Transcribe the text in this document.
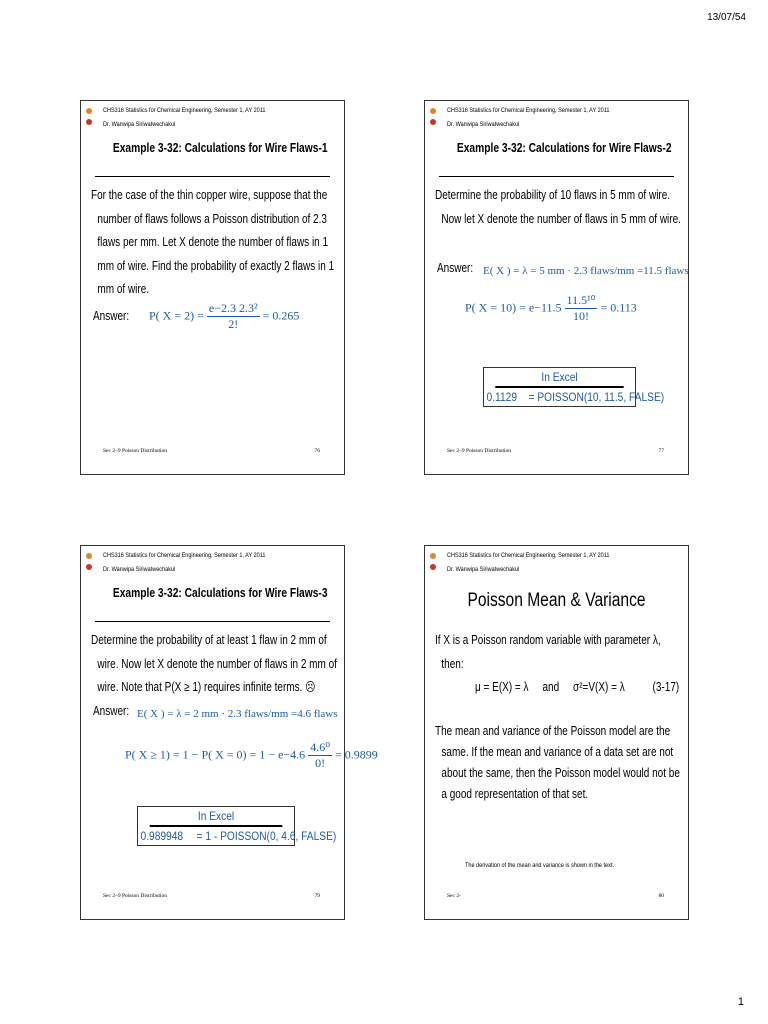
13/07/54
CHS316 Statistics for Chemical Engineering, Semester 1, AY 2011
Dr. Wanwipa Siriwatwechakul
Example 3-32: Calculations for Wire Flaws-1

For the case of the thin copper wire, suppose that the number of flaws follows a Poisson distribution of 2.3 flaws per mm. Let X denote the number of flaws in 1 mm of wire. Find the probability of exactly 2 flaws in 1 mm of wire.

Answer: P( $X = 2) = \frac{\text{e−2.3 2.3²}}{2!} = 0.265$
Sec 2–9 Poisson Distribution	76
CHS316 Statistics for Chemical Engineering, Semester 1, AY 2011
Dr. Wanwipa Siriwatwechakul
Example 3-32: Calculations for Wire Flaws-2

Determine the probability of 10 flaws in 5 mm of wire. Now let X denote the number of flaws in 5 mm of wire.

Answer: E( X ) = λ = 5 mm · 2.3 flaws/mm =11.5 flaws
P( $X = 10) = e-11.5 \frac{\text{11.5¹⁰}}{10!} = 0.113$
In Excel
0.1129 = POISSON(10, 11.5, FALSE)
Sec 2–9 Poisson Distribution	77
CHS316 Statistics for Chemical Engineering, Semester 1, AY 2011
Dr. Wanwipa Siriwatwechakul
Example 3-32: Calculations for Wire Flaws-3

Determine the probability of at least 1 flaw in 2 mm of wire. Now let X denote the number of flaws in 2 mm of wire. Note that P(X ≥ 1) requires infinite terms. ☹

Answer: E( X ) = λ = 2 mm · 2.3 flaws/mm =4.6 flaws
P( X ≥ 1) = 1 − P( $X = 0) = 1 - e-4.6 \frac{\text{4.6⁰}}{0!} = 0.9899$
In Excel
0.989948 = 1 - POISSON(0, 4.6, FALSE)
Sec 2–9 Poisson Distribution	79
CHS316 Statistics for Chemical Engineering, Semester 1, AY 2011
Dr. Wanwipa Siriwatwechakul
Poisson Mean & Variance

If X is a Poisson random variable with parameter λ, then:

μ = E(X) = λ     and     σ²=V(X) = λ          (3-17)

The mean and variance of the Poisson model are the same. If the mean and variance of a data set are not about the same, then the Poisson model would not be a good representation of that set.

The derivation of the mean and variance is shown in the text.
Sec 2-	80
1
